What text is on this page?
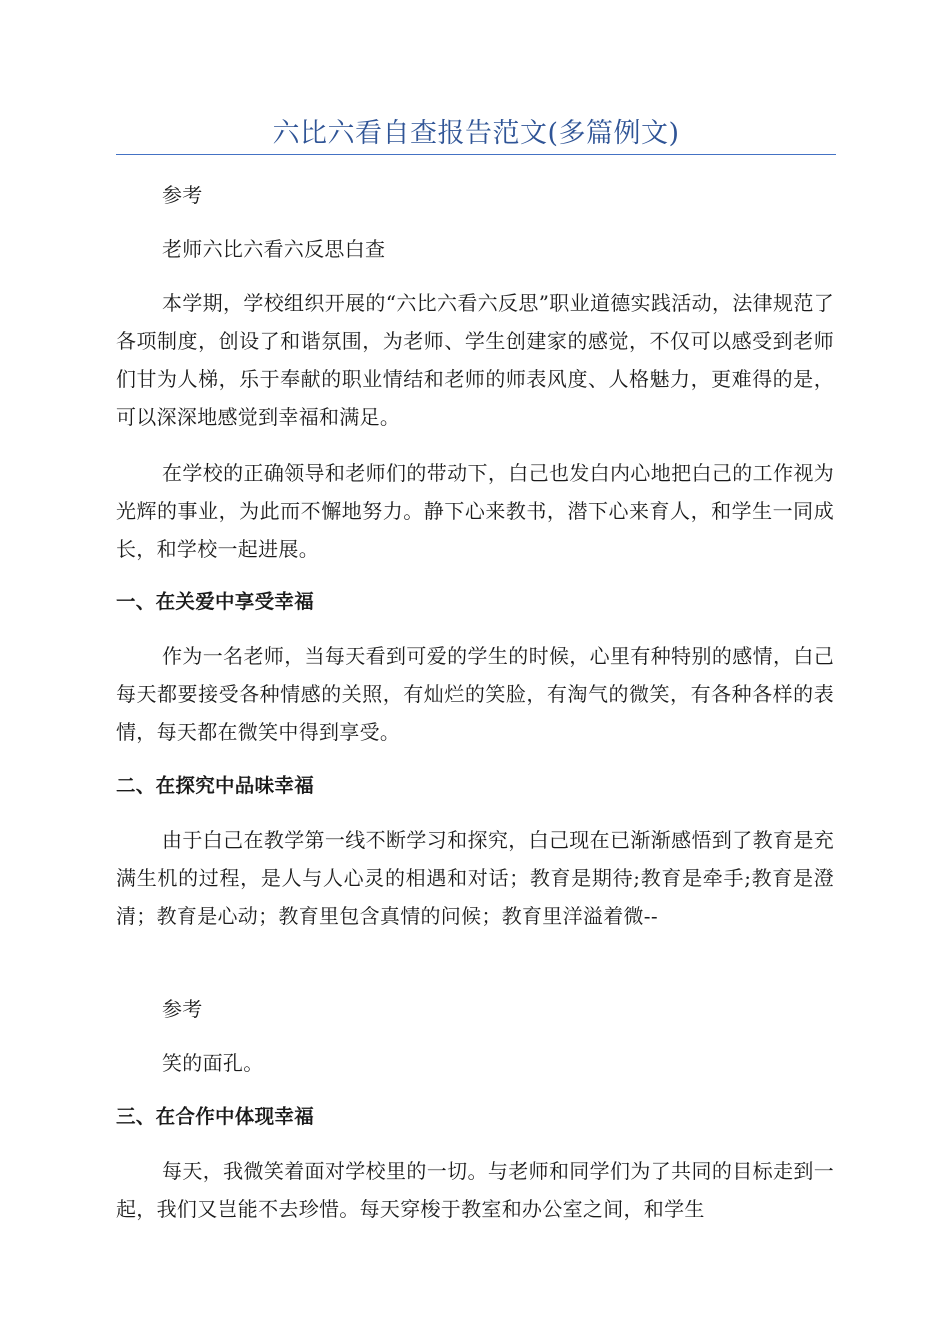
六比六看自查报告范文(多篇例文)
参考
老师六比六看六反思白查
本学期，学校组织开展的“六比六看六反思”职业道德实践活动，法律规范了各项制度，创设了和谐氛围，为老师、学生创建家的感觉，不仅可以感受到老师们甘为人梯，乐于奉献的职业情结和老师的师表风度、人格魅力，更难得的是，可以深深地感觉到幸福和满足。
在学校的正确领导和老师们的带动下，白己也发白内心地把白己的工作视为光辉的事业，为此而不懈地努力。静下心来教书，潜下心来育人，和学生一同成长，和学校一起进展。
一、在关爱中享受幸福
作为一名老师，当每天看到可爱的学生的时候，心里有种特别的感情，白己每天都要接受各种情感的关照，有灿烂的笑脸，有淘气的微笑，有各种各样的表情，每天都在微笑中得到享受。
二、在探究中品味幸福
由于白己在教学第一线不断学习和探究，白己现在已渐渐感悟到了教育是充满生机的过程，是人与人心灵的相遇和对话；教育是期待;教育是牵手;教育是澄清；教育是心动；教育里包含真情的问候；教育里洋溢着微--
参考
笑的面孔。
三、在合作中体现幸福
每天，我微笑着面对学校里的一切。与老师和同学们为了共同的目标走到一起，我们又岂能不去珍惜。每天穿梭于教室和办公室之间，和学生
